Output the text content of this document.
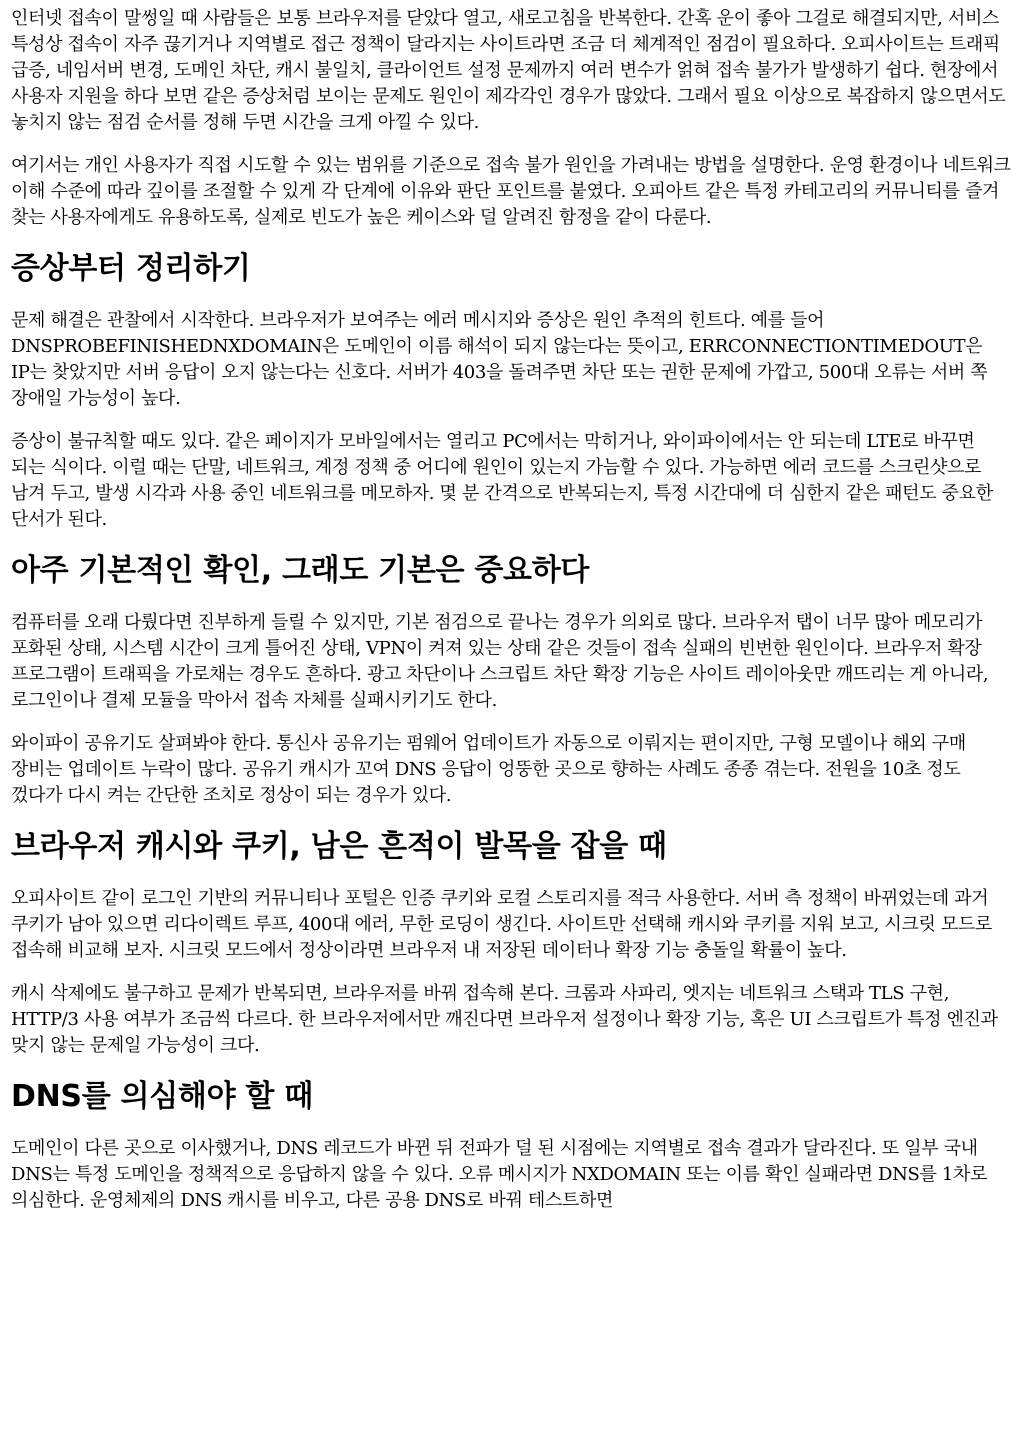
인터넷 접속이 말썽일 때 사람들은 보통 브라우저를 닫았다 열고, 새로고침을 반복한다. 간혹 운이 좋아 그걸로 해결되지만, 서비스 특성상 접속이 자주 끊기거나 지역별로 접근 정책이 달라지는 사이트라면 조금 더 체계적인 점검이 필요하다. 오피사이트는 트래픽 급증, 네임서버 변경, 도메인 차단, 캐시 불일치, 클라이언트 설정 문제까지 여러 변수가 얽혀 접속 불가가 발생하기 쉽다. 현장에서 사용자 지원을 하다 보면 같은 증상처럼 보이는 문제도 원인이 제각각인 경우가 많았다. 그래서 필요 이상으로 복잡하지 않으면서도 놓치지 않는 점검 순서를 정해 두면 시간을 크게 아낄 수 있다.

여기서는 개인 사용자가 직접 시도할 수 있는 범위를 기준으로 접속 불가 원인을 가려내는 방법을 설명한다. 운영 환경이나 네트워크 이해 수준에 따라 깊이를 조절할 수 있게 각 단계에 이유와 판단 포인트를 붙였다. 오피아트 같은 특정 카테고리의 커뮤니티를 즐겨 찾는 사용자에게도 유용하도록, 실제로 빈도가 높은 케이스와 덜 알려진 함정을 같이 다룬다.

증상부터 정리하기

문제 해결은 관찰에서 시작한다. 브라우저가 보여주는 에러 메시지와 증상은 원인 추적의 힌트다. 예를 들어 DNSPROBEFINISHEDNXDOMAIN은 도메인이 이름 해석이 되지 않는다는 뜻이고, ERRCONNECTIONTIMEDOUT은 IP는 찾았지만 서버 응답이 오지 않는다는 신호다. 서버가 403을 돌려주면 차단 또는 권한 문제에 가깝고, 500대 오류는 서버 쪽 장애일 가능성이 높다.

증상이 불규칙할 때도 있다. 같은 페이지가 모바일에서는 열리고 PC에서는 막히거나, 와이파이에서는 안 되는데 LTE로 바꾸면 되는 식이다. 이럴 때는 단말, 네트워크, 계정 정책 중 어디에 원인이 있는지 가늠할 수 있다. 가능하면 에러 코드를 스크린샷으로 남겨 두고, 발생 시각과 사용 중인 네트워크를 메모하자. 몇 분 간격으로 반복되는지, 특정 시간대에 더 심한지 같은 패턴도 중요한 단서가 된다.

아주 기본적인 확인, 그래도 기본은 중요하다

컴퓨터를 오래 다뤘다면 진부하게 들릴 수 있지만, 기본 점검으로 끝나는 경우가 의외로 많다. 브라우저 탭이 너무 많아 메모리가 포화된 상태, 시스템 시간이 크게 틀어진 상태, VPN이 켜져 있는 상태 같은 것들이 접속 실패의 빈번한 원인이다. 브라우저 확장 프로그램이 트래픽을 가로채는 경우도 흔하다. 광고 차단이나 스크립트 차단 확장 기능은 사이트 레이아웃만 깨뜨리는 게 아니라, 로그인이나 결제 모듈을 막아서 접속 자체를 실패시키기도 한다.

와이파이 공유기도 살펴봐야 한다. 통신사 공유기는 펌웨어 업데이트가 자동으로 이뤄지는 편이지만, 구형 모델이나 해외 구매 장비는 업데이트 누락이 많다. 공유기 캐시가 꼬여 DNS 응답이 엉뚱한 곳으로 향하는 사례도 종종 겪는다. 전원을 10초 정도 껐다가 다시 켜는 간단한 조치로 정상이 되는 경우가 있다.

브라우저 캐시와 쿠키, 남은 흔적이 발목을 잡을 때

오피사이트 같이 로그인 기반의 커뮤니티나 포털은 인증 쿠키와 로컬 스토리지를 적극 사용한다. 서버 측 정책이 바뀌었는데 과거 쿠키가 남아 있으면 리다이렉트 루프, 400대 에러, 무한 로딩이 생긴다. 사이트만 선택해 캐시와 쿠키를 지워 보고, 시크릿 모드로 접속해 비교해 보자. 시크릿 모드에서 정상이라면 브라우저 내 저장된 데이터나 확장 기능 충돌일 확률이 높다.

캐시 삭제에도 불구하고 문제가 반복되면, 브라우저를 바꿔 접속해 본다. 크롬과 사파리, 엣지는 네트워크 스택과 TLS 구현, HTTP/3 사용 여부가 조금씩 다르다. 한 브라우저에서만 깨진다면 브라우저 설정이나 확장 기능, 혹은 UI 스크립트가 특정 엔진과 맞지 않는 문제일 가능성이 크다.

DNS를 의심해야 할 때

도메인이 다른 곳으로 이사했거나, DNS 레코드가 바뀐 뒤 전파가 덜 된 시점에는 지역별로 접속 결과가 달라진다. 또 일부 국내 DNS는 특정 도메인을 정책적으로 응답하지 않을 수 있다. 오류 메시지가 NXDOMAIN 또는 이름 확인 실패라면 DNS를 1차로 의심한다. 운영체제의 DNS 캐시를 비우고, 다른 공용 DNS로 바꿔 테스트하면
